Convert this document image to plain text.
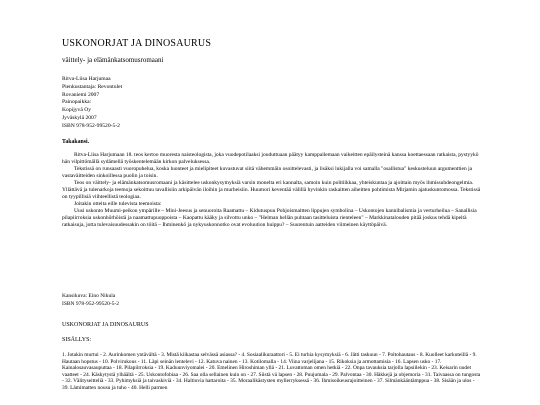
USKONORJAT JA DINOSAURUS
väittely- ja elämänkatsomusromaani
Ritva-Liisa Harjumaa
Pienkustantaja: Revontulet
Rovaniemi 2007
Painopaikka:
Kopijyvä Oy
Jyväskylä 2007
ISBN 978-952-99520-5-2
Takakansi.

Ritva-Liisa Harjumaan 18. teos kertoo muoresta naisteologista, joka vuodepotilaaksi jouduttuaan päätyy kamppailemaan vaikeitten epäilysteinä kanssa koettaessaan ratkaista, pystyykö hän vilpittömällä sydämellä työskentelemään kirkon palveluksessa.

Tekstissä on runsaasti vuoropuhelua, koska luonteet ja mielipiteet kuvastuvat siitä vähemmäin osoittelevasti, ja lisäksi lukijalla voi samalla "osallistua" keskusteluun argumenttien ja vastaväitteiden sinkoillessa puolin ja toisin.

Teos on väittely- ja elämänkatsomusromaani ja käsittelee uskonkysymyksiä varsin monelta eri kannalta, samoin kuin politiikkaa, yhteiskuntaa ja ajoittain myös ihmissuhdeongelmia. Yllättävä ja tulenarkoja teemoja sekoittuu tavallisiin arkipäivän iloihin ja murheisiin. Huumori keventää välillä hyvinkin raskaitten aiheitten pohtimista Mirjamin ajatuskuntomossa. Tekstissä on tyypillisiä viihteellistä teologiaa.

Joitakin otteita eille tulevista teemoista:

Uusi uskonto Muumi-peikon ympärille – Mini-Jeesus ja senuoroita Raamattu – Kidutuspuu Pohjoismaitten lippujen symbolina – Uskontojen kannibalismia ja verturheilua – Sanallisia pilapiirroksia uskonhörhöistä ja naamattupuoppoista – Kaopattu kääky ja silvottu unko – "Helman hellän puhtaan tasitteluista rienteleen" – Markkinatalouden pitää joskus tehdä kipeitä ratkaisuja, jotta tulevaisuudessakin on töitä – Ihminenkö ja nykyuskonnotko ovat evoluution huippu? – Suurentuin aatteiden viimeinen käyttöpäivä.

Kansikuva: Eino Nikula
ISBN 978-952-99520-5-2
USKONORJAT JA DINOSAURUS
SISÄLLYS:
1. Jotakin murtui - 2. Aurinkomen yntävältä - 3. Mistä kiikastaa selvässä asiassa? - 4. Sosiaalikuraattori - 5. Ei turhia kysymyksiä - 6. Jätti taskuun - 7. Poltohautaus - 8. Kuolleet karkuteillä - 9. Hautaan hopstus - 10. Polvirukous - 11. Läpi seinän lentelevi - 12. Katuva nainen - 13. Kotilomalla - 14. Viina varjelijana - 15. Rikoksia ja armottamisia - 16. Lapsen usko - 17. Kainalosauvasauputtaa - 18. Pilapiirroksia - 19. Kaduunviyomalei - 20. Emelinen Hiroshiman yllä - 21. Luvattoman omen hetkiä - 22. Onpa tavauksia tarjolla lapsiilekin - 23. Keisarin uudet vaatteet - 24. Käskytystä ylhäältä - 25. Uskontofobiaa - 26. Saa olla sellainen kuin on - 27. Siistä vä lapsen - 28. Puujumala - 29. Palvontaa - 30. Häkkejä ja objemoria - 31. Taivaassa on tungosta - 32. Välityseitteliä - 33. Pyhimyksiä ja taivaskiviä - 34. Haltiuvia hattaroita - 35. Moraalikästysten myllerryksessä - 36. Ihmisoikeusrajoitteinen - 37. Silmänkääntämppua - 38. Sisään ja ulos - 39. Lämimatten nousu ja tuho - 40. Helli parmen
